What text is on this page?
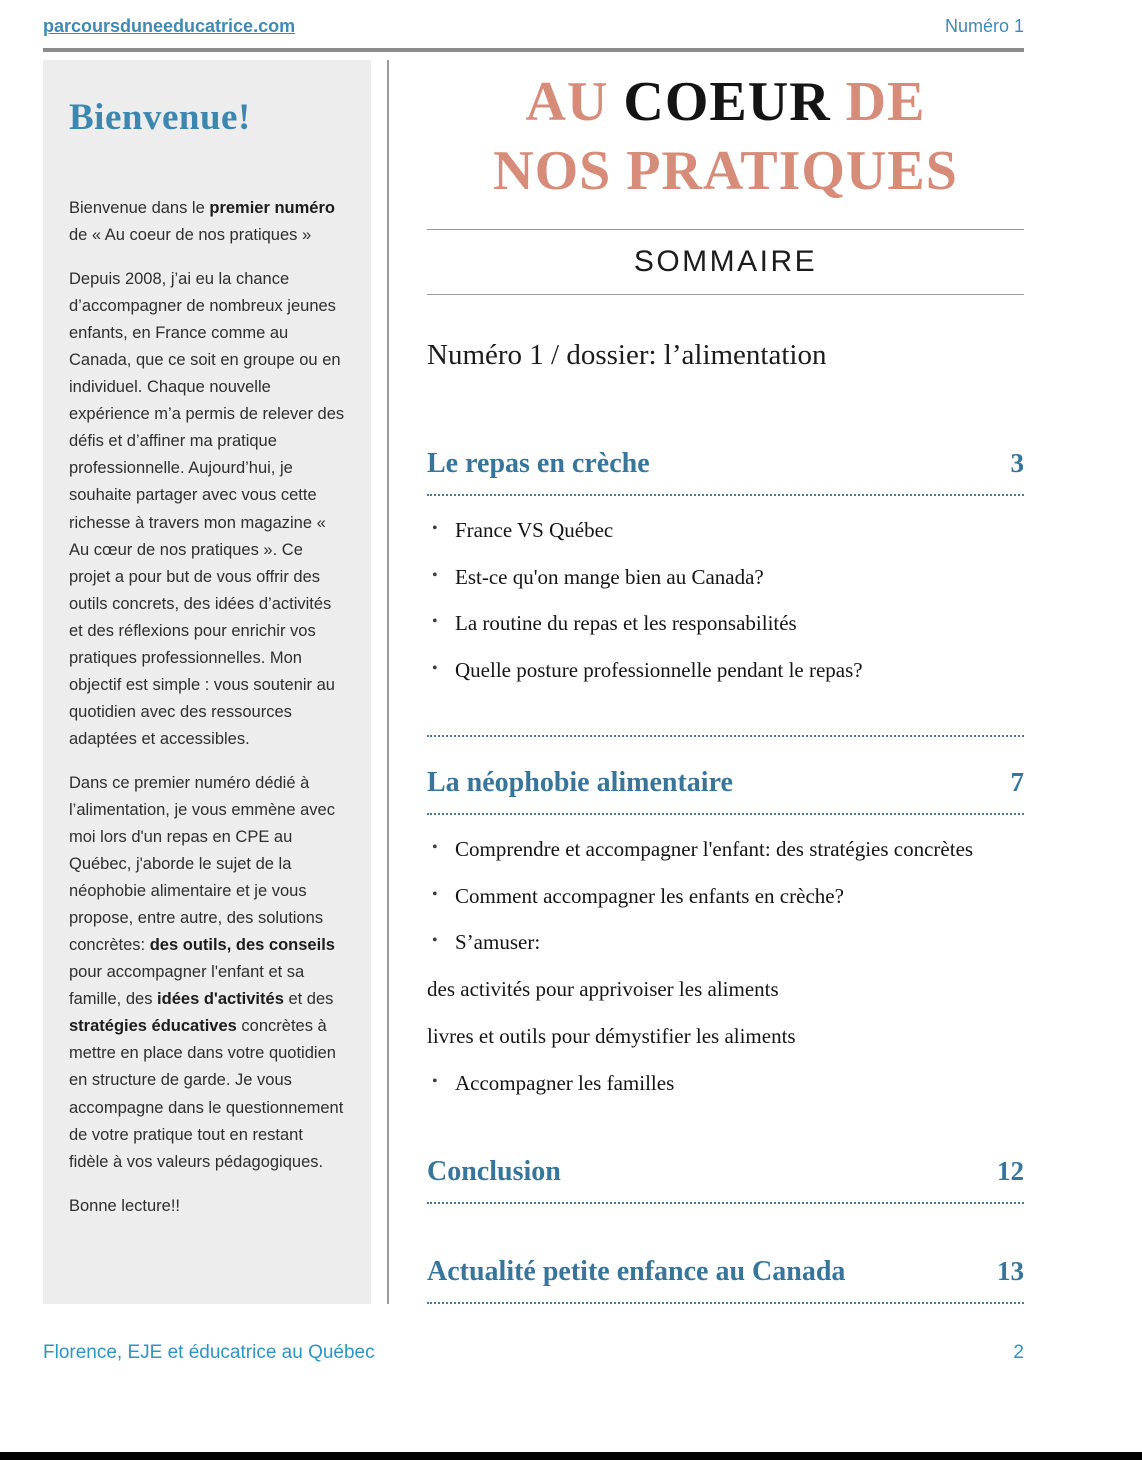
parcoursduneeducatrice.com	Numéro 1
Bienvenue!

Bienvenue dans le premier numéro de « Au coeur de nos pratiques »

Depuis 2008, j’ai eu la chance d’accompagner de nombreux jeunes enfants, en France comme au Canada, que ce soit en groupe ou en individuel. Chaque nouvelle expérience m’a permis de relever des défis et d’affiner ma pratique professionnelle. Aujourd’hui, je souhaite partager avec vous cette richesse à travers mon magazine « Au cœur de nos pratiques ». Ce projet a pour but de vous offrir des outils concrets, des idées d’activités et des réflexions pour enrichir vos pratiques professionnelles. Mon objectif est simple : vous soutenir au quotidien avec des ressources adaptées et accessibles.

Dans ce premier numéro dédié à l’alimentation, je vous emmène avec moi lors d'un repas en CPE au Québec, j'aborde le sujet de la néophobie alimentaire et je vous propose, entre autre, des solutions concrètes: des outils, des conseils pour accompagner l'enfant et sa famille, des idées d'activités et des stratégies éducatives concrètes à mettre en place dans votre quotidien en structure de garde. Je vous accompagne dans le questionnement de votre pratique tout en restant fidèle à vos valeurs pédagogiques.

Bonne lecture!!

AU COEUR DE
NOS PRATIQUES
SOMMAIRE
Numéro 1 / dossier: l’alimentation
Le repas en crèche	3
• France VS Québec
• Est-ce qu'on mange bien au Canada?
• La routine du repas et les responsabilités
• Quelle posture professionnelle pendant le repas?
La néophobie alimentaire	7
• Comprendre et accompagner l'enfant: des stratégies concrètes
• Comment accompagner les enfants en crèche?
• S’amuser:
des activités pour apprivoiser les aliments
livres et outils pour démystifier les aliments
• Accompagner les familles
Conclusion	12
Actualité petite enfance au Canada	13
Florence, EJE et éducatrice au Québec	2
